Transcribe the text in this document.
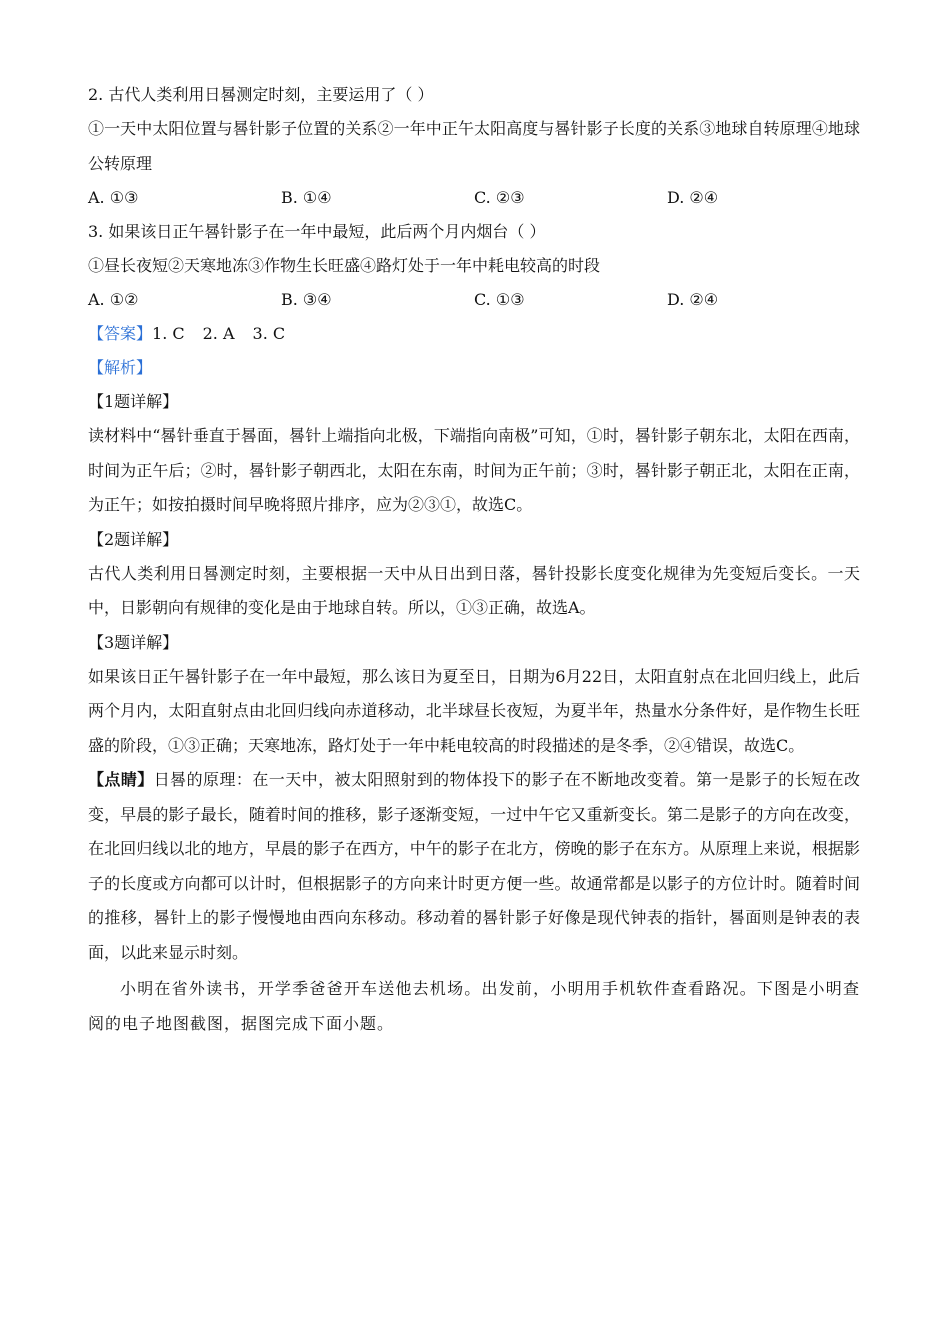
2. 古代人类利用日晷测定时刻，主要运用了（ ）
①一天中太阳位置与晷针影子位置的关系②一年中正午太阳高度与晷针影子长度的关系③地球自转原理④地球公转原理
A. ①③	B. ①④	C. ②③	D. ②④
3. 如果该日正午晷针影子在一年中最短，此后两个月内烟台（ ）
①昼长夜短②天寒地冻③作物生长旺盛④路灯处于一年中耗电较高的时段
A. ①②	B. ③④	C. ①③	D. ②④
【答案】1. C 2. A 3. C
【解析】
【1题详解】
读材料中“晷针垂直于晷面，晷针上端指向北极，下端指向南极”可知，①时，晷针影子朝东北，太阳在西南，时间为正午后；②时，晷针影子朝西北，太阳在东南，时间为正午前；③时，晷针影子朝正北，太阳在正南，为正午；如按拍摄时间早晚将照片排序，应为②③①，故选C。
【2题详解】
古代人类利用日晷测定时刻，主要根据一天中从日出到日落，晷针投影长度变化规律为先变短后变长。一天中，日影朝向有规律的变化是由于地球自转。所以，①③正确，故选A。
【3题详解】
如果该日正午晷针影子在一年中最短，那么该日为夏至日，日期为6月22日，太阳直射点在北回归线上，此后两个月内，太阳直射点由北回归线向赤道移动，北半球昼长夜短，为夏半年，热量水分条件好，是作物生长旺盛的阶段，①③正确；天寒地冻，路灯处于一年中耗电较高的时段描述的是冬季，②④错误，故选C。
【点睛】日晷的原理：在一天中，被太阳照射到的物体投下的影子在不断地改变着。第一是影子的长短在改变，早晨的影子最长，随着时间的推移，影子逐渐变短，一过中午它又重新变长。第二是影子的方向在改变，在北回归线以北的地方，早晨的影子在西方，中午的影子在北方，傍晚的影子在东方。从原理上来说，根据影子的长度或方向都可以计时，但根据影子的方向来计时更方便一些。故通常都是以影子的方位计时。随着时间的推移，晷针上的影子慢慢地由西向东移动。移动着的晷针影子好像是现代钟表的指针，晷面则是钟表的表面，以此来显示时刻。
小明在省外读书，开学季爸爸开车送他去机场。出发前，小明用手机软件查看路况。下图是小明查阅的电子地图截图，据图完成下面小题。
